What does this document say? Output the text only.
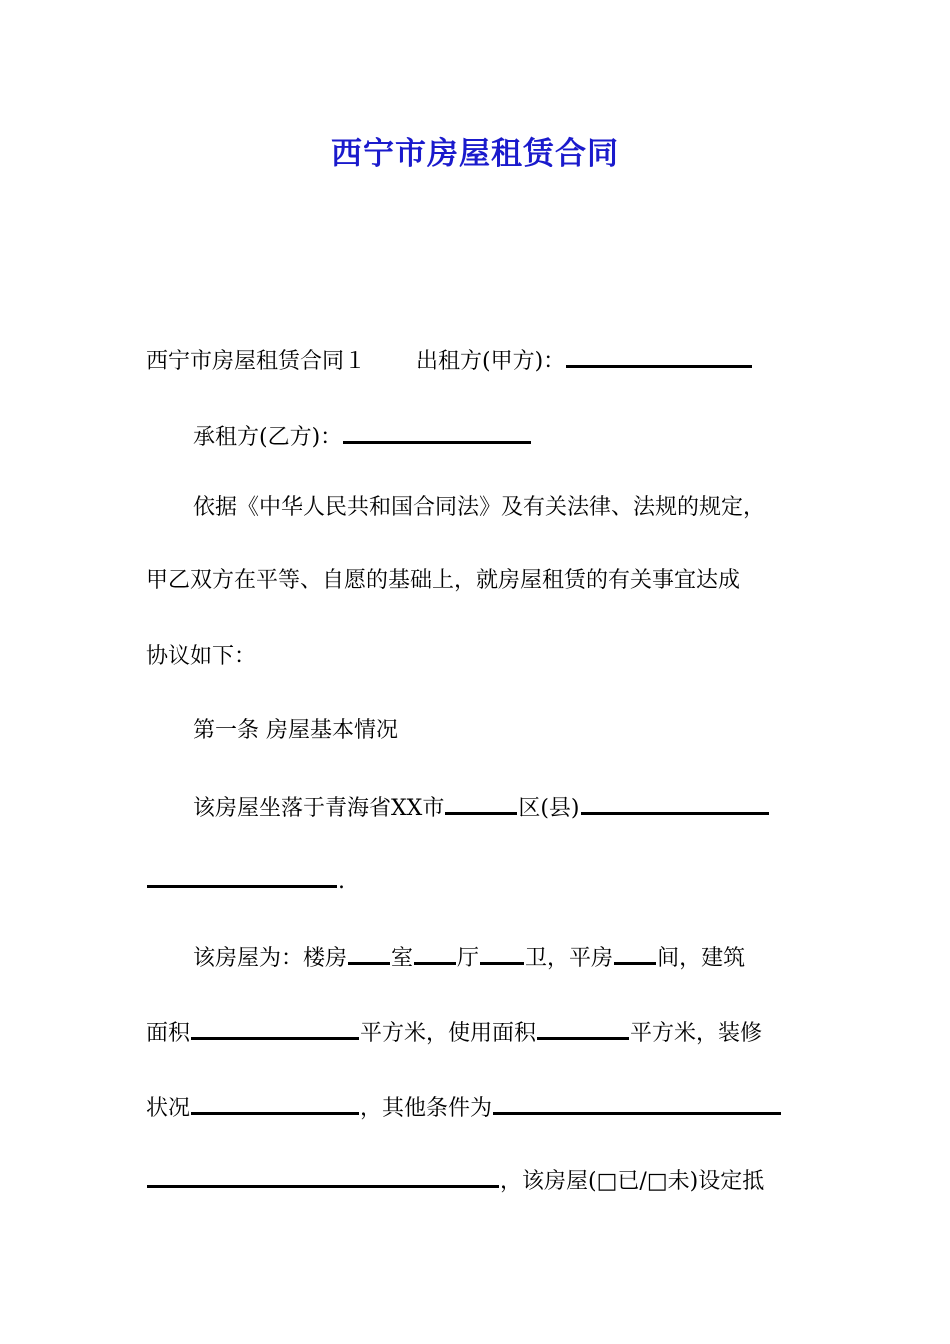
西宁市房屋租赁合同
西宁市房屋租赁合同１ 出租方(甲方)：
承租方(乙方)：
依据《中华人民共和国合同法》及有关法律、法规的规定，
甲乙双方在平等、自愿的基础上，就房屋租赁的有关事宜达成
协议如下：
第一条 房屋基本情况
该房屋坐落于青海省XX市	区(县)
.
该房屋为：楼房 室 厅 卫，平房 间，建筑
面积	平方米，使用面积	平方米，装修
状况	，其他条件为
，该房屋(□已/□未)设定抵
